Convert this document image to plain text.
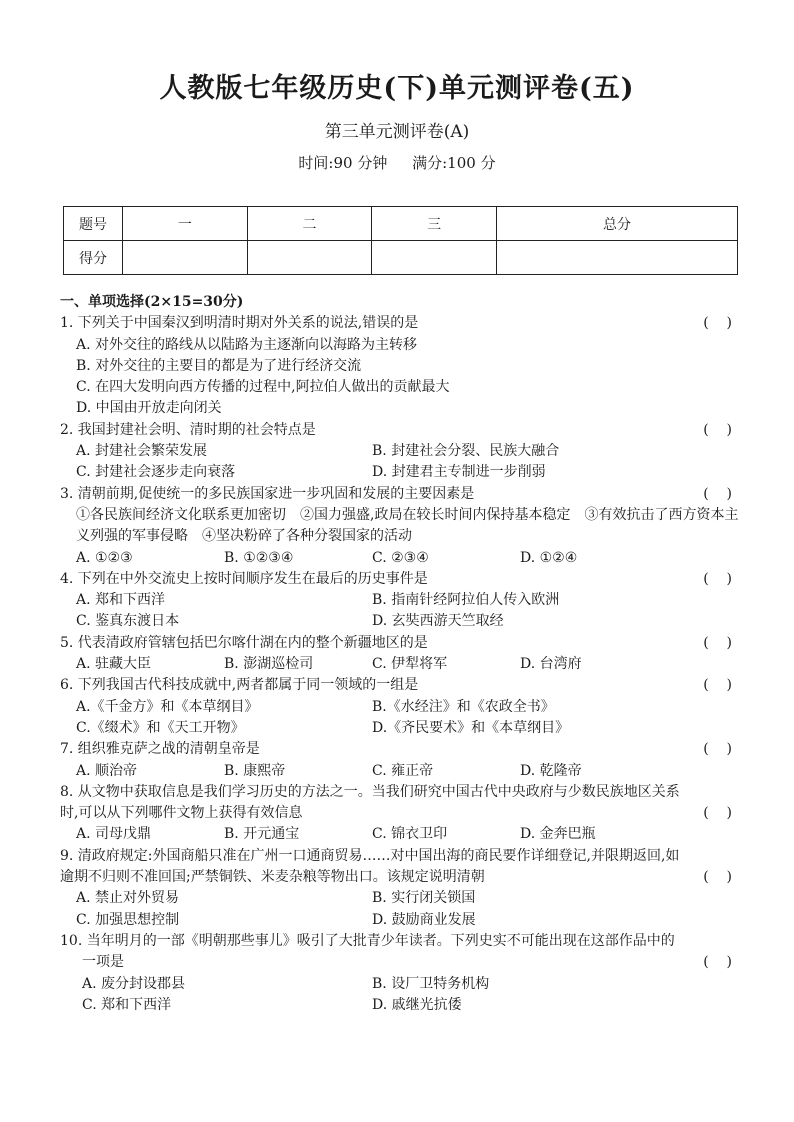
人教版七年级历史(下)单元测评卷(五)
第三单元测评卷(A)
时间:90 分钟 满分:100 分
题号	一	二	三	总分
得分				
一、单项选择(2×15=30分)
1. 下列关于中国秦汉到明清时期对外关系的说法,错误的是	(    )
A. 对外交往的路线从以陆路为主逐渐向以海路为主转移
B. 对外交往的主要目的都是为了进行经济交流
C. 在四大发明向西方传播的过程中,阿拉伯人做出的贡献最大
D. 中国由开放走向闭关
2. 我国封建社会明、清时期的社会特点是	(    )
A. 封建社会繁荣发展	B. 封建社会分裂、民族大融合
C. 封建社会逐步走向衰落	D. 封建君主专制进一步削弱
3. 清朝前期,促使统一的多民族国家进一步巩固和发展的主要因素是	(    )
①各民族间经济文化联系更加密切　②国力强盛,政局在较长时间内保持基本稳定　③有效抗击了西方资本主义列强的军事侵略　④坚决粉碎了各种分裂国家的活动
A. ①②③	B. ①②③④	C. ②③④	D. ①②④
4. 下列在中外交流史上按时间顺序发生在最后的历史事件是	(    )
A. 郑和下西洋	B. 指南针经阿拉伯人传入欧洲
C. 鉴真东渡日本	D. 玄奘西游天竺取经
5. 代表清政府管辖包括巴尔喀什湖在内的整个新疆地区的是	(    )
A. 驻藏大臣	B. 澎湖巡检司	C. 伊犁将军	D. 台湾府
6. 下列我国古代科技成就中,两者都属于同一领域的一组是	(    )
A.《千金方》和《本草纲目》	B.《水经注》和《农政全书》
C.《缀术》和《天工开物》	D.《齐民要术》和《本草纲目》
7. 组织雅克萨之战的清朝皇帝是	(    )
A. 顺治帝	B. 康熙帝	C. 雍正帝	D. 乾隆帝
8. 从文物中获取信息是我们学习历史的方法之一。当我们研究中国古代中央政府与少数民族地区关系时,可以从下列哪件文物上获得有效信息	(    )
A. 司母戊鼎	B. 开元通宝	C. 锦衣卫印	D. 金奔巴瓶
9. 清政府规定:外国商船只准在广州一口通商贸易……对中国出海的商民要作详细登记,并限期返回,如逾期不归则不准回国;严禁铜铁、米麦杂粮等物出口。该规定说明清朝	(    )
A. 禁止对外贸易	B. 实行闭关锁国
C. 加强思想控制	D. 鼓励商业发展
10. 当年明月的一部《明朝那些事儿》吸引了大批青少年读者。下列史实不可能出现在这部作品中的一项是	(    )
A. 废分封设郡县	B. 设厂卫特务机构
C. 郑和下西洋	D. 戚继光抗倭
